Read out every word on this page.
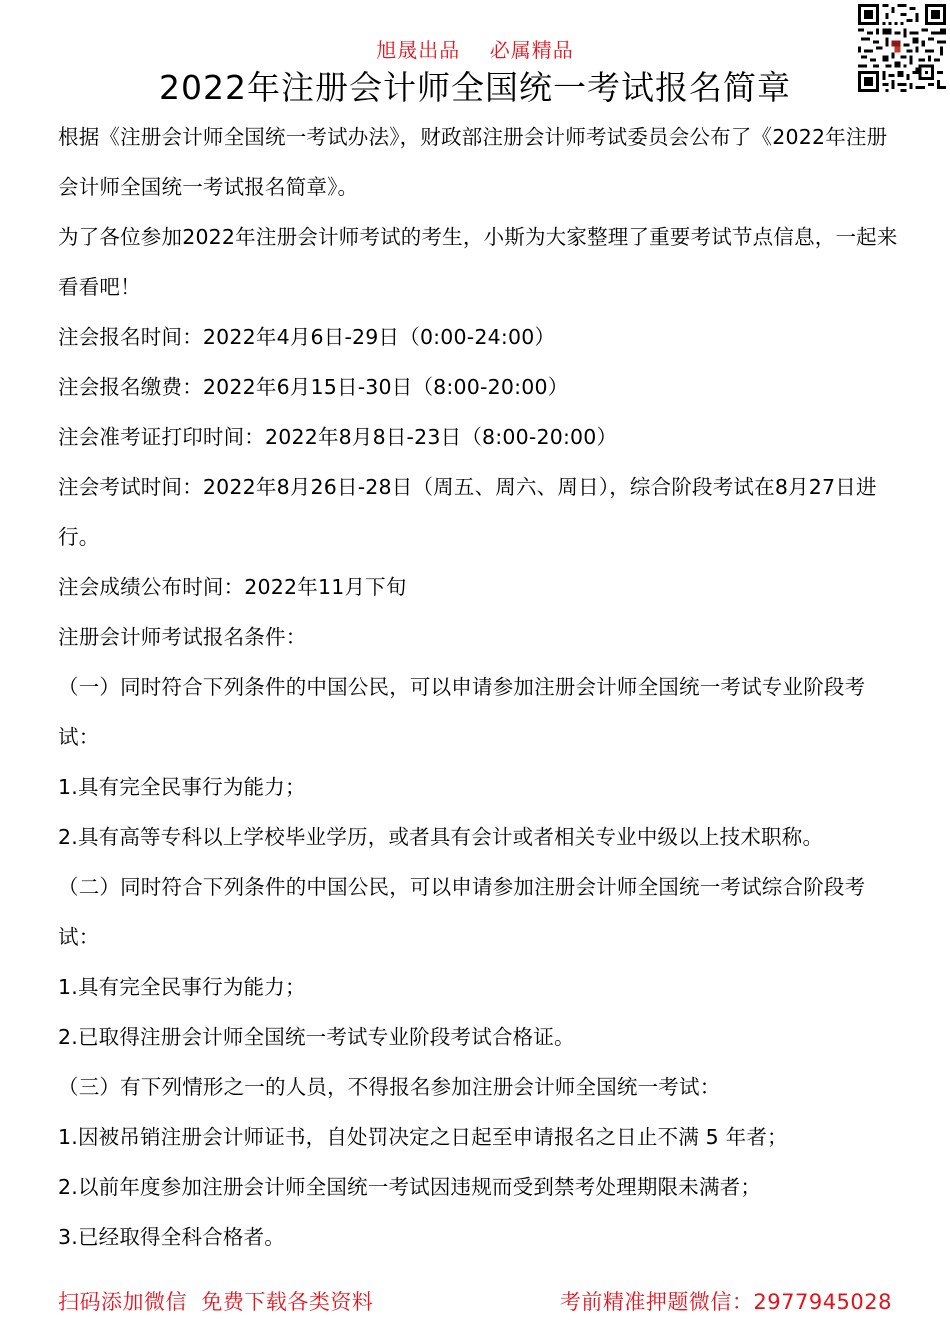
旭晟出品    必属精品
2022年注册会计师全国统一考试报名简章

根据《注册会计师全国统一考试办法》，财政部注册会计师考试委员会公布了《2022年注册会计师全国统一考试报名简章》。

为了各位参加2022年注册会计师考试的考生，小斯为大家整理了重要考试节点信息，一起来看看吧！

注会报名时间：2022年4月6日-29日（0:00-24:00）

注会报名缴费：2022年6月15日-30日（8:00-20:00）

注会准考证打印时间：2022年8月8日-23日（8:00-20:00）

注会考试时间：2022年8月26日-28日（周五、周六、周日），综合阶段考试在8月27日进行。

注会成绩公布时间：2022年11月下旬

注册会计师考试报名条件：

（一）同时符合下列条件的中国公民，可以申请参加注册会计师全国统一考试专业阶段考试：

1.具有完全民事行为能力；

2.具有高等专科以上学校毕业学历，或者具有会计或者相关专业中级以上技术职称。

（二）同时符合下列条件的中国公民，可以申请参加注册会计师全国统一考试综合阶段考试：

1.具有完全民事行为能力；

2.已取得注册会计师全国统一考试专业阶段考试合格证。

（三）有下列情形之一的人员，不得报名参加注册会计师全国统一考试：

1.因被吊销注册会计师证书，自处罚决定之日起至申请报名之日止不满 5 年者；

2.以前年度参加注册会计师全国统一考试因违规而受到禁考处理期限未满者；

3.已经取得全科合格者。

扫码添加微信  免费下载各类资料	考前精准押题微信：2977945028
